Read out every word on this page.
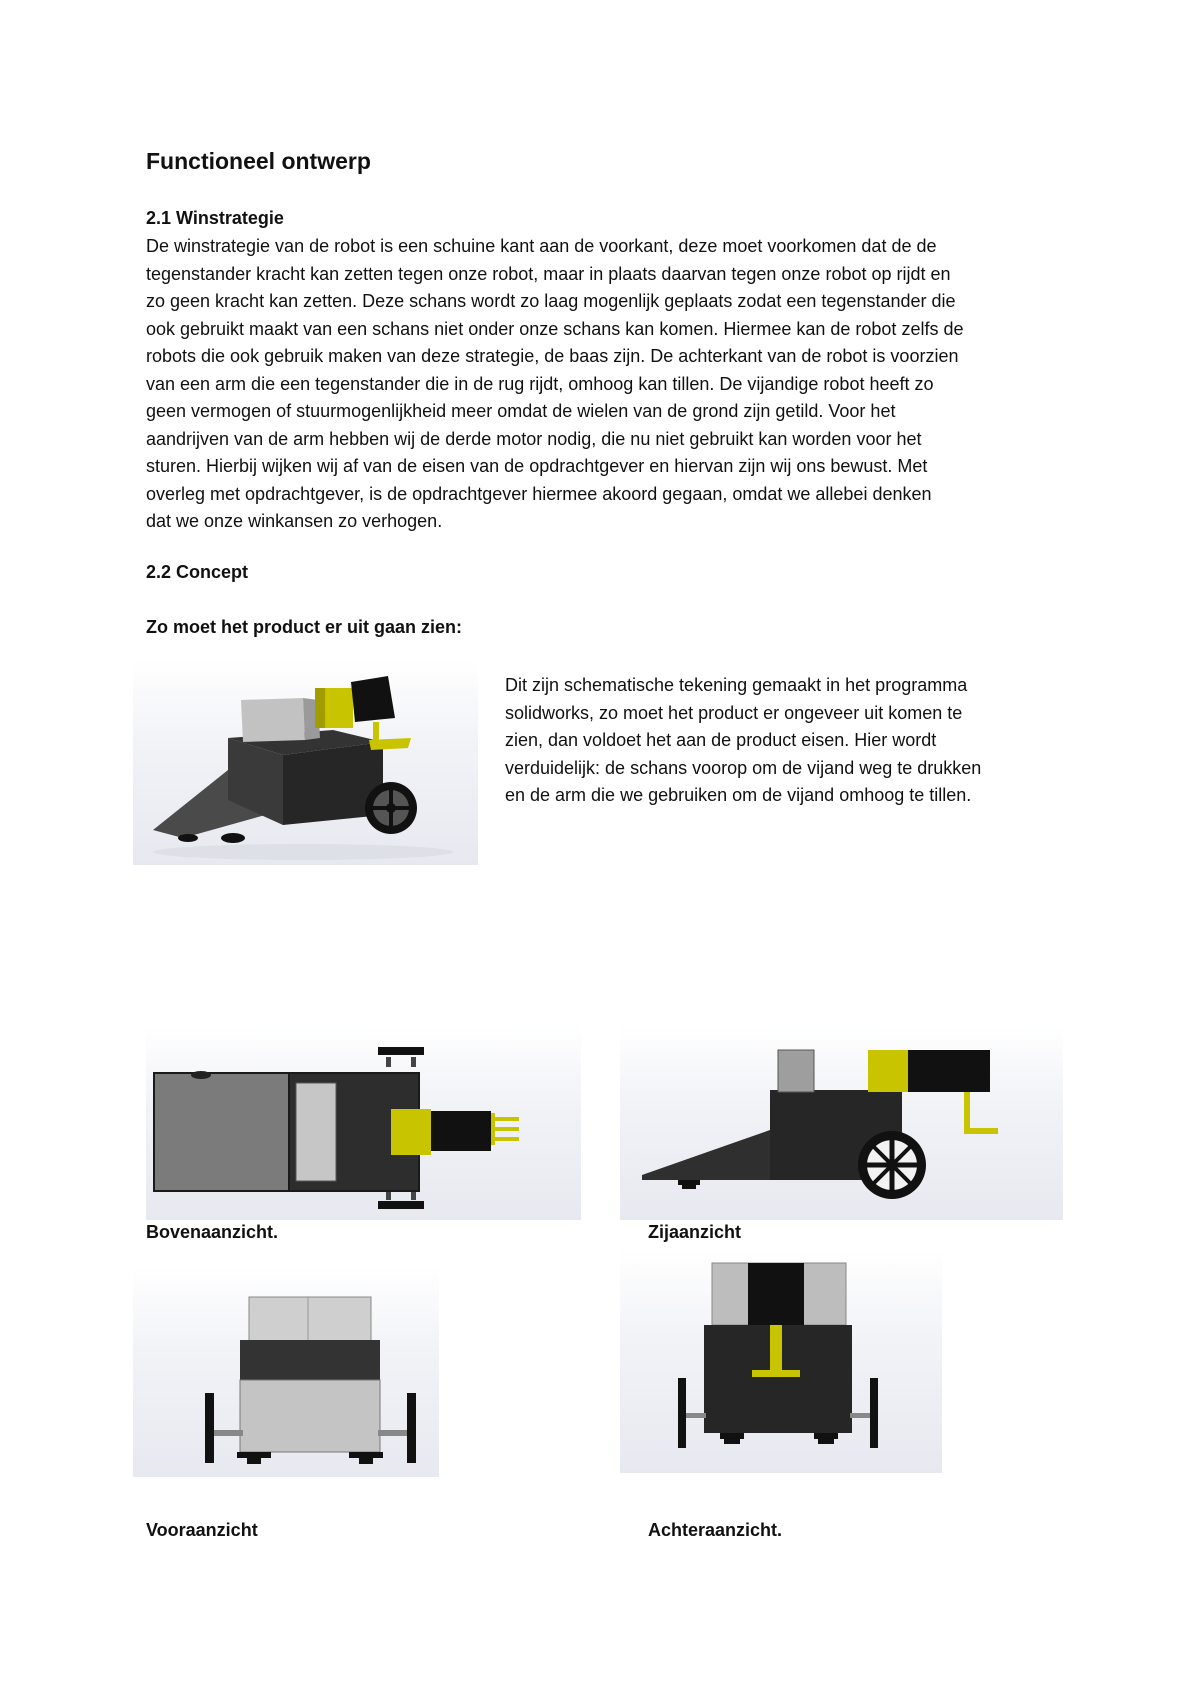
Functioneel ontwerp
2.1 Winstrategie

De winstrategie van de robot is een schuine kant aan de voorkant, deze moet voorkomen dat de de
tegenstander kracht kan zetten tegen onze robot, maar in plaats daarvan tegen onze robot op rijdt en
zo geen kracht kan zetten. Deze schans wordt zo laag mogenlijk geplaats zodat een tegenstander die
ook gebruikt maakt van een schans niet onder onze schans kan komen. Hiermee kan de robot zelfs de
robots die ook gebruik maken van deze strategie, de baas zijn. De achterkant van de robot is voorzien
van een arm die een tegenstander die in de rug rijdt, omhoog kan tillen. De vijandige robot heeft zo
geen vermogen of stuurmogenlijkheid meer omdat de wielen van de grond zijn getild. Voor het
aandrijven van de arm hebben wij de derde motor nodig, die nu niet gebruikt kan worden voor het
sturen. Hierbij wijken wij af van de eisen van de opdrachtgever en hiervan zijn wij ons bewust. Met
overleg met opdrachtgever, is de opdrachtgever hiermee akoord gegaan, omdat we allebei denken
dat we onze winkansen zo verhogen.

2.2 Concept
Zo moet het product er uit gaan zien:

Dit zijn schematische tekening gemaakt in het programma
solidworks, zo moet het product er ongeveer uit komen te
zien, dan voldoet het aan de product eisen. Hier wordt
verduidelijk: de schans voorop om de vijand weg te drukken
en de arm die we gebruiken om de vijand omhoog te tillen.

Bovenaanzicht.	Zijaanzicht
Vooraanzicht	Achteraanzicht.
